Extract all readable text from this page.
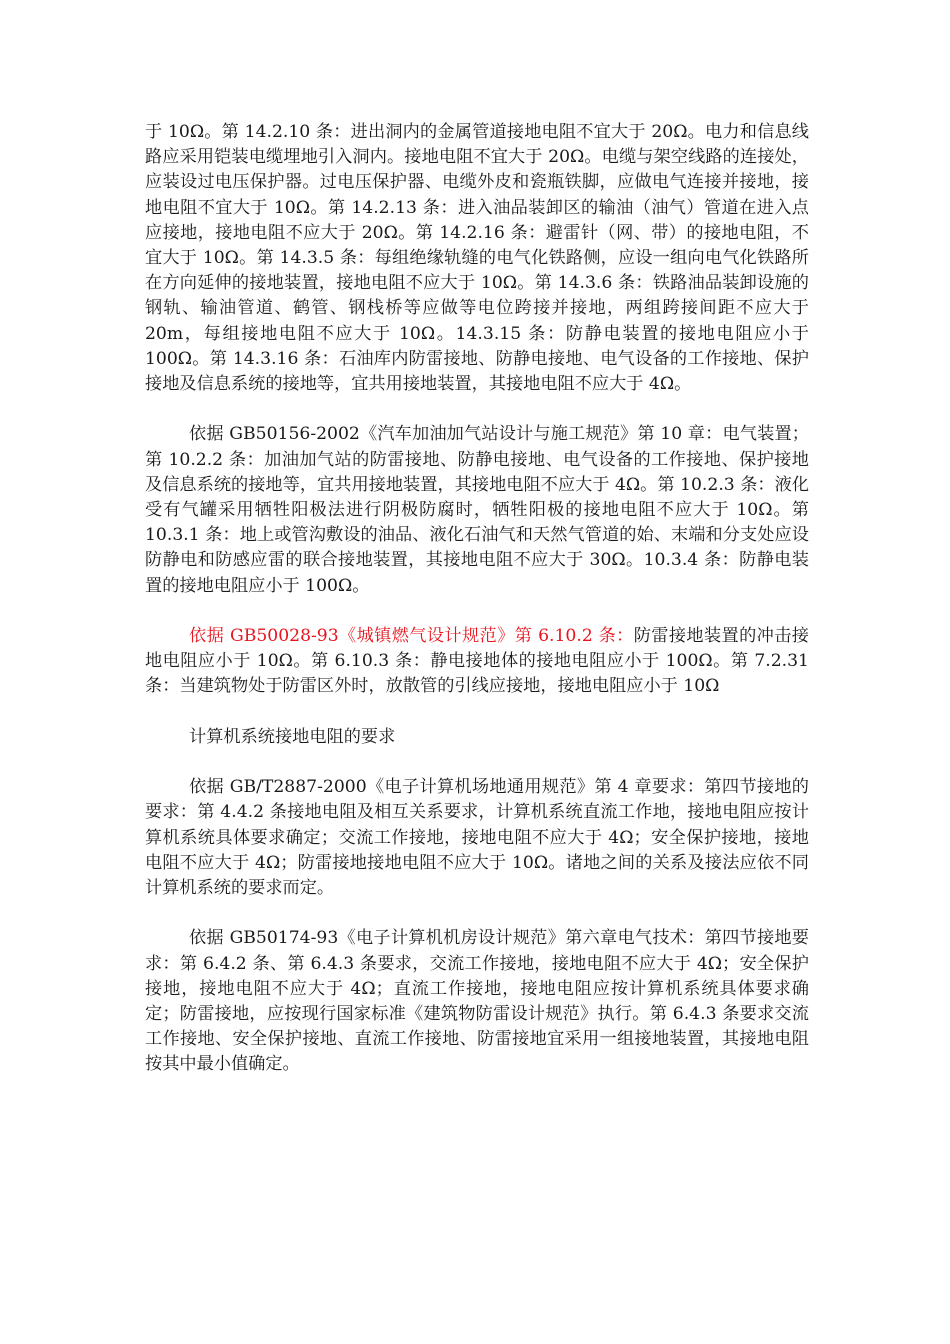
于 10Ω。第 14.2.10 条：进出洞内的金属管道接地电阻不宜大于 20Ω。电力和信息线路应采用铠装电缆埋地引入洞内。接地电阻不宜大于 20Ω。电缆与架空线路的连接处，应装设过电压保护器。过电压保护器、电缆外皮和瓷瓶铁脚，应做电气连接并接地，接地电阻不宜大于 10Ω。第 14.2.13 条：进入油品装卸区的输油（油气）管道在进入点应接地，接地电阻不应大于 20Ω。第 14.2.16 条：避雷针（网、带）的接地电阻，不宜大于 10Ω。第 14.3.5 条：每组绝缘轨缝的电气化铁路侧，应设一组向电气化铁路所在方向延伸的接地装置，接地电阻不应大于 10Ω。第 14.3.6 条：铁路油品装卸设施的钢轨、输油管道、鹤管、钢栈桥等应做等电位跨接并接地，两组跨接间距不应大于 20m，每组接地电阻不应大于 10Ω。14.3.15 条：防静电装置的接地电阻应小于 100Ω。第 14.3.16 条：石油库内防雷接地、防静电接地、电气设备的工作接地、保护接地及信息系统的接地等，宜共用接地装置，其接地电阻不应大于 4Ω。

依据 GB50156-2002《汽车加油加气站设计与施工规范》第 10 章：电气装置；第 10.2.2 条：加油加气站的防雷接地、防静电接地、电气设备的工作接地、保护接地及信息系统的接地等，宜共用接地装置，其接地电阻不应大于 4Ω。第 10.2.3 条：液化受有气罐采用牺牲阳极法进行阴极防腐时，牺牲阳极的接地电阻不应大于 10Ω。第 10.3.1 条：地上或管沟敷设的油品、液化石油气和天然气管道的始、末端和分支处应设防静电和防感应雷的联合接地装置，其接地电阻不应大于 30Ω。10.3.4 条：防静电装置的接地电阻应小于 100Ω。

依据 GB50028-93《城镇燃气设计规范》第 6.10.2 条：防雷接地装置的冲击接地电阻应小于 10Ω。第 6.10.3 条：静电接地体的接地电阻应小于 100Ω。第 7.2.31 条：当建筑物处于防雷区外时，放散管的引线应接地，接地电阻应小于 10Ω

计算机系统接地电阻的要求

依据 GB/T2887-2000《电子计算机场地通用规范》第 4 章要求：第四节接地的要求：第 4.4.2 条接地电阻及相互关系要求，计算机系统直流工作地，接地电阻应按计算机系统具体要求确定；交流工作接地，接地电阻不应大于 4Ω；安全保护接地，接地电阻不应大于 4Ω；防雷接地接地电阻不应大于 10Ω。诸地之间的关系及接法应依不同计算机系统的要求而定。

依据 GB50174-93《电子计算机机房设计规范》第六章电气技术：第四节接地要求：第 6.4.2 条、第 6.4.3 条要求，交流工作接地，接地电阻不应大于 4Ω；安全保护接地，接地电阻不应大于 4Ω；直流工作接地，接地电阻应按计算机系统具体要求确定；防雷接地，应按现行国家标准《建筑物防雷设计规范》执行。第 6.4.3 条要求交流工作接地、安全保护接地、直流工作接地、防雷接地宜采用一组接地装置，其接地电阻按其中最小值确定。
